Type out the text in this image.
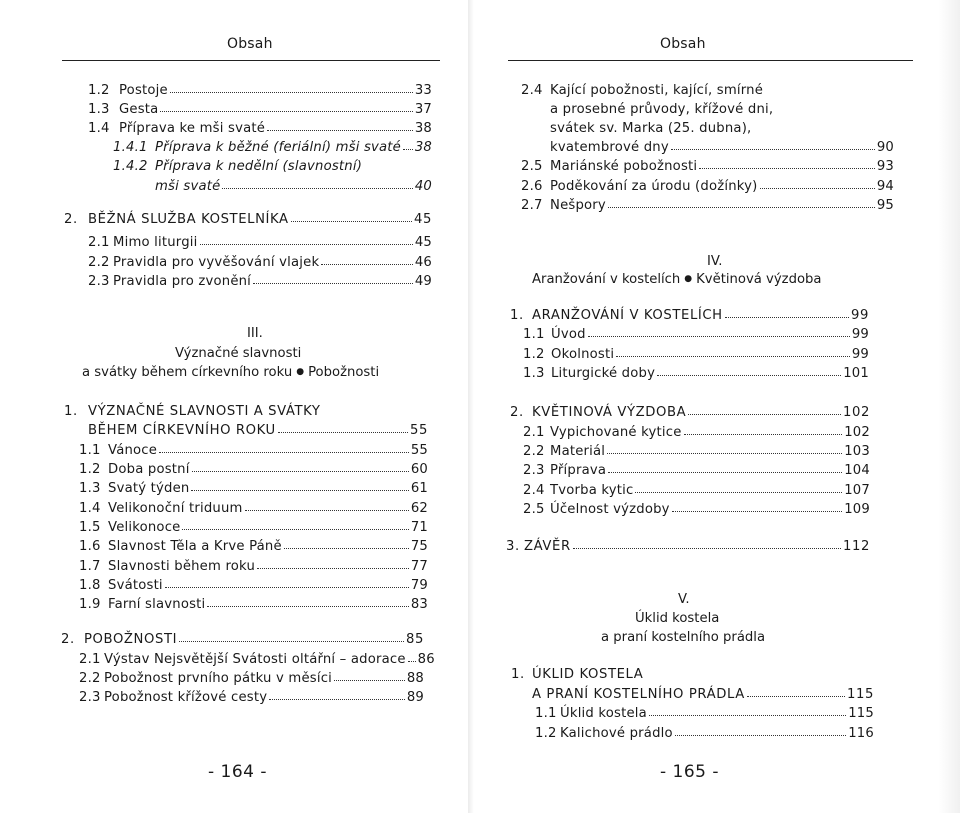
Obsah
1.2 Postoje	33
1.3 Gesta	37
1.4 Příprava ke mši svaté	38
1.4.1 Příprava k běžné (feriální) mši svaté 38
1.4.2 Příprava k nedělní (slavnostní)
mši svaté	40
2. BĚŽNÁ SLUŽBA KOSTELNÍKA	45
2.1 Mimo liturgii	45
2.2 Pravidla pro vyvěšování vlajek	46
2.3 Pravidla pro zvonění	49
1. VÝZNAČNÉ SLAVNOSTI A SVÁTKY
BĚHEM CÍRKEVNÍHO ROKU	55
1.1 Vánoce	55
1.2 Doba postní	60
1.3 Svatý týden	61
1.4 Velikonoční triduum	62
1.5 Velikonoce	71
1.6 Slavnost Těla a Krve Páně	75
1.7 Slavnosti během roku	77
1.8 Svátosti	79
1.9 Farní slavnosti	83
2. POBOŽNOSTI	85
2.1 Výstav Nejsvětější Svátosti oltářní – adorace 86
2.2 Pobožnost prvního pátku v měsíci	88
2.3 Pobožnost křížové cesty	89
III.
Význačné slavnosti
a svátky během církevního roku ● Pobožnosti
- 164 -
Obsah
2.4 Kající pobožnosti, kající, smírné
a prosebné průvody, křížové dni,
svátek sv. Marka (25. dubna),
kvatembrové dny	90
2.5 Mariánské pobožnosti	93
2.6 Poděkování za úrodu (dožínky)	94
2.7 Nešpory	95
1. ARANŽOVÁNÍ V KOSTELÍCH	99
1.1 Úvod	99
1.2 Okolnosti	99
1.3 Liturgické doby	101
2. KVĚTINOVÁ VÝZDOBA	102
2.1 Vypichované kytice	102
2.2 Materiál	103
2.3 Příprava	104
2.4 Tvorba kytic	107
2.5 Účelnost výzdoby	109
3. ZÁVĚR	112
1. ÚKLID KOSTELA
A PRANÍ KOSTELNÍHO PRÁDLA	115
1.1 Úklid kostela	115
1.2 Kalichové prádlo	116
IV.
Aranžování v kostelích ● Květinová výzdoba
V.
Úklid kostela
a praní kostelního prádla
- 165 -
